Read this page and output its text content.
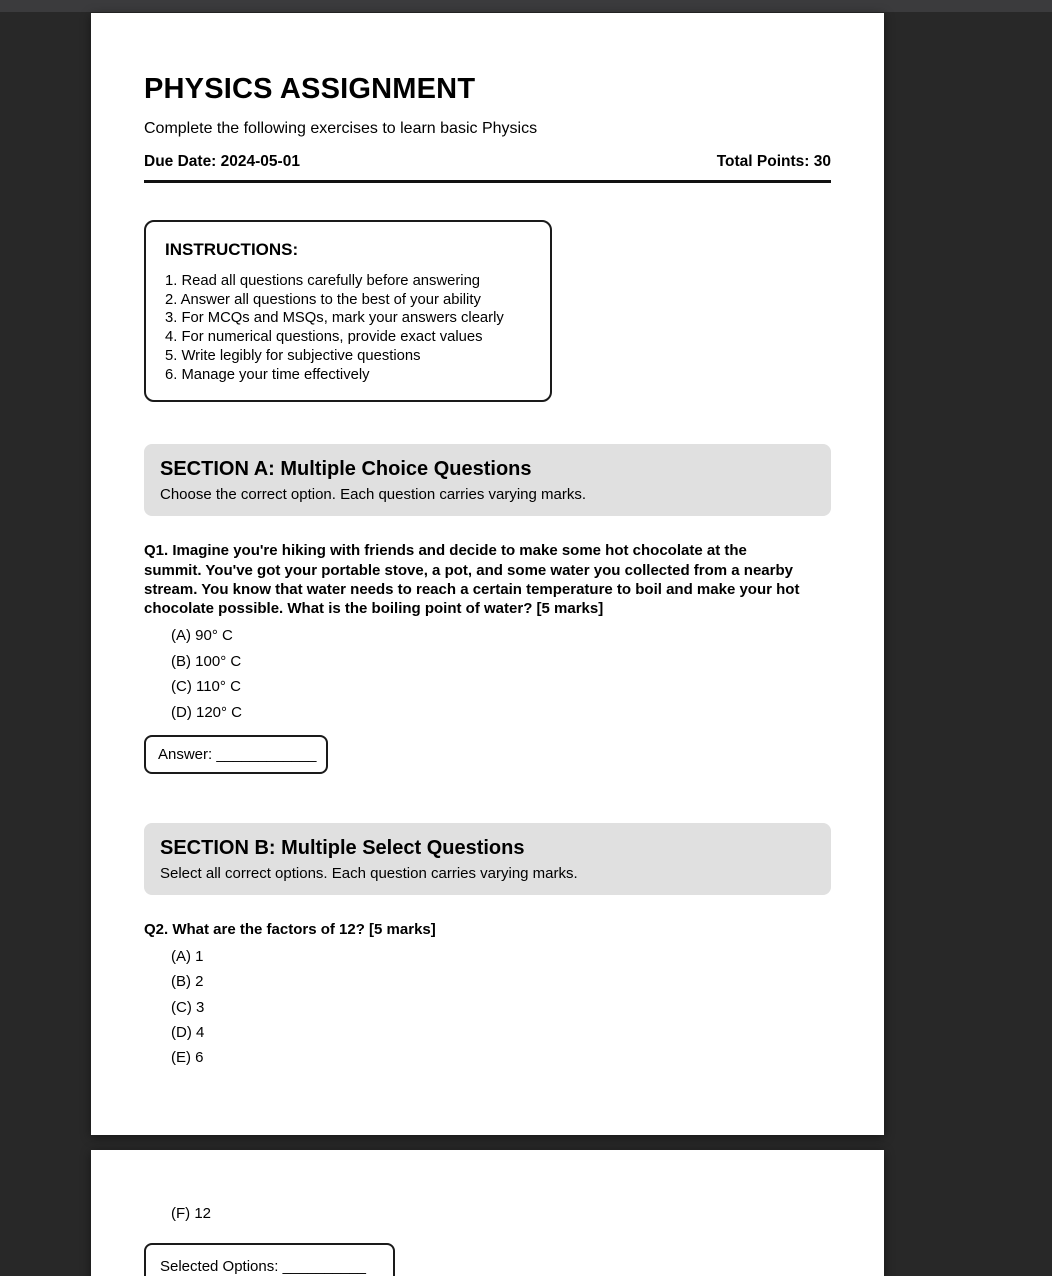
PHYSICS ASSIGNMENT
Complete the following exercises to learn basic Physics
Due Date: 2024-05-01	Total Points: 30
INSTRUCTIONS:
1. Read all questions carefully before answering
2. Answer all questions to the best of your ability
3. For MCQs and MSQs, mark your answers clearly
4. For numerical questions, provide exact values
5. Write legibly for subjective questions
6. Manage your time effectively
SECTION A: Multiple Choice Questions
Choose the correct option. Each question carries varying marks.
Q1. Imagine you're hiking with friends and decide to make some hot chocolate at the summit. You've got your portable stove, a pot, and some water you collected from a nearby stream. You know that water needs to reach a certain temperature to boil and make your hot chocolate possible. What is the boiling point of water? [5 marks]
(A) 90° C
(B) 100° C
(C) 110° C
(D) 120° C
Answer: ____________
SECTION B: Multiple Select Questions
Select all correct options. Each question carries varying marks.
Q2. What are the factors of 12? [5 marks]
(A) 1
(B) 2
(C) 3
(D) 4
(E) 6
(F) 12
Selected Options: __________
